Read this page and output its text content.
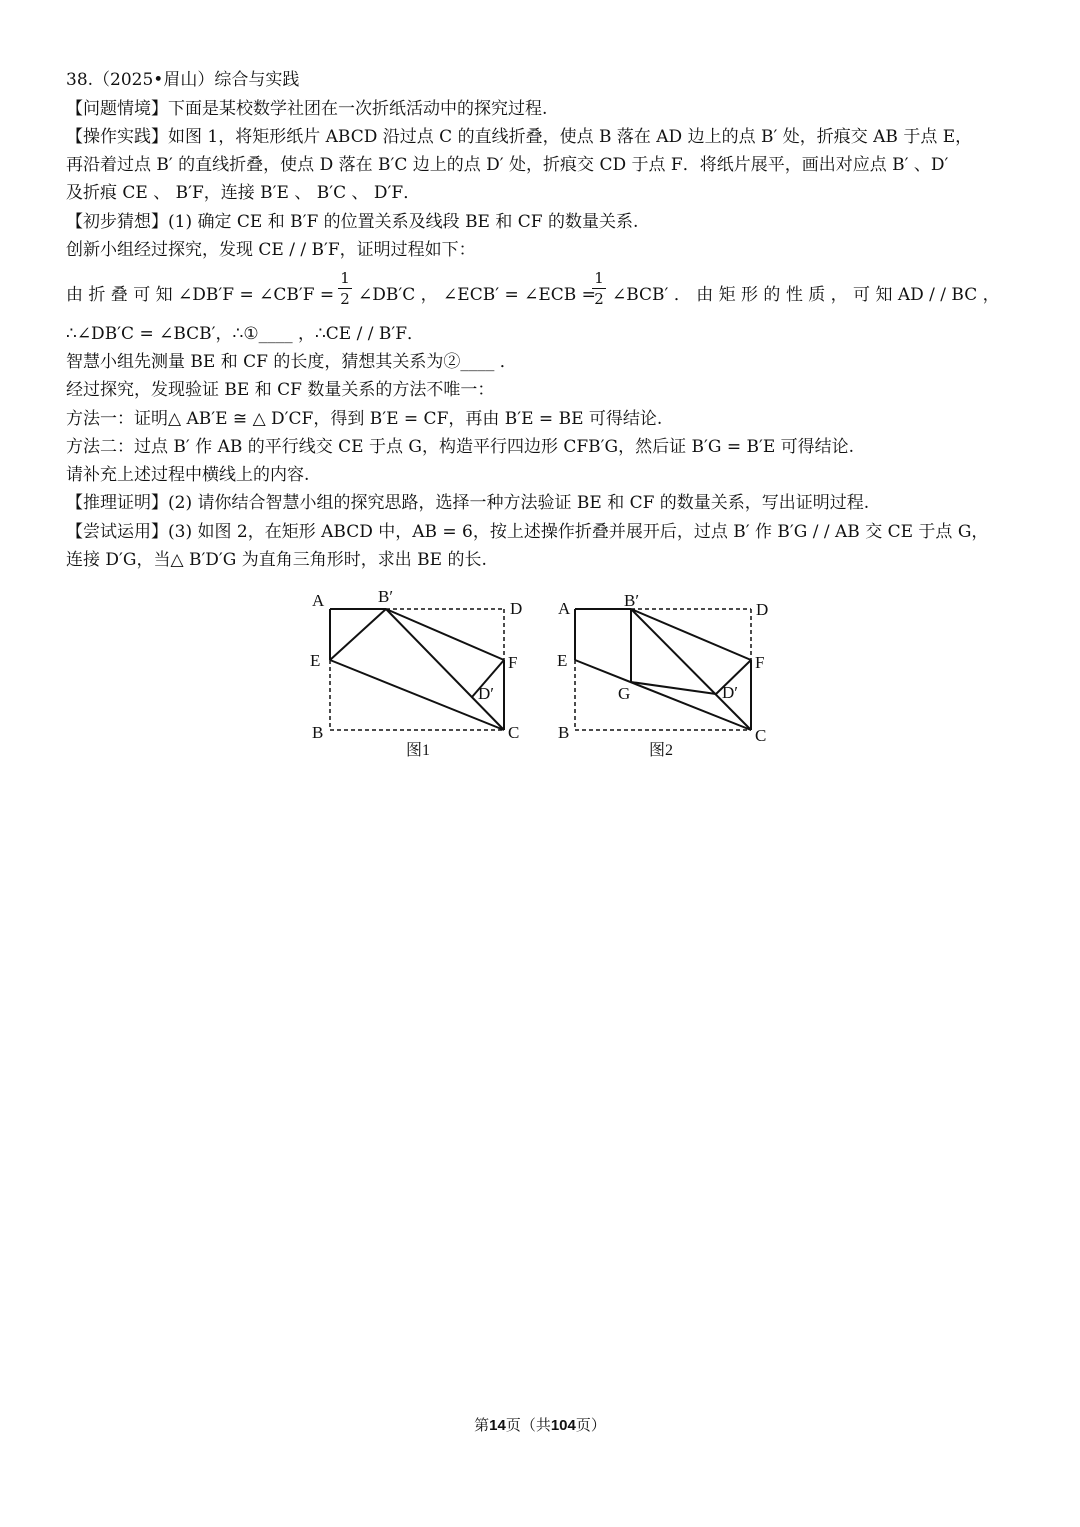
38.（2025•眉山）综合与实践
【问题情境】下面是某校数学社团在一次折纸活动中的探究过程.
【操作实践】如图 1，将矩形纸片 ABCD 沿过点 C 的直线折叠，使点 B 落在 AD 边上的点 B′ 处，折痕交 AB 于点 E，
再沿着过点 B′ 的直线折叠，使点 D 落在 B′C 边上的点 D′ 处，折痕交 CD 于点 F．将纸片展平，画出对应点 B′ 、D′
及折痕 CE 、 B′F，连接 B′E 、 B′C 、 D′F．
【初步猜想】(1) 确定 CE 和 B′F 的位置关系及线段 BE 和 CF 的数量关系.
创新小组经过探究，发现 CE / / B′F，证明过程如下：
由 折 叠 可 知 ∠DB′F = ∠CB′F = $\frac{1}{2}$ ∠DB′C ， ∠ECB′ = ∠ECB =
$\frac{1}{2}$ ∠BCB′ ． 由 矩 形 的 性 质 ， 可 知 AD / / BC ，
∴∠DB′C = ∠BCB′，∴①____ ，∴CE / / B′F．
智慧小组先测量 BE 和 CF 的长度，猜想其关系为②____ ．
经过探究，发现验证 BE 和 CF 数量关系的方法不唯一：
方法一：证明△ AB′E ≅ △ D′CF，得到 B′E = CF，再由 B′E = BE 可得结论.
方法二：过点 B′ 作 AB 的平行线交 CE 于点 G，构造平行四边形 CFB′G，然后证 B′G = B′E 可得结论.
请补充上述过程中横线上的内容.
【推理证明】(2) 请你结合智慧小组的探究思路，选择一种方法验证 BE 和 CF 的数量关系，写出证明过程.
【尝试运用】(3) 如图 2，在矩形 ABCD 中，AB = 6，按上述操作折叠并展开后，过点 B′ 作 B′G / / AB 交 CE 于点 G，
连接 D′G，当△ B′D′G 为直角三角形时，求出 BE 的长.
A	B′
D
E	F
D′
B	C
图1
A	B′	D
E	F
G	D′
B	C
图2
第14页（共104页）
